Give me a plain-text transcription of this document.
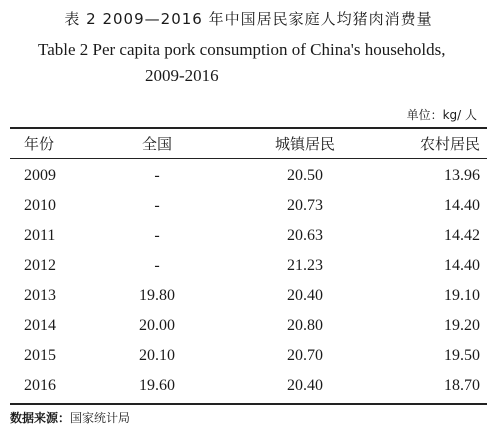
表 2 2009—2016 年中国居民家庭人均猪肉消费量
Table 2 Per capita pork consumption of China's households,
2009-2016
单位：kg/ 人
年份	全国	城镇居民	农村居民
2009	-	20.50	13.96
2010	-	20.73	14.40
2011	-	20.63	14.42
2012	-	21.23	14.40
2013	19.80	20.40	19.10
2014	20.00	20.80	19.20
2015	20.10	20.70	19.50
2016	19.60	20.40	18.70
数据来源：国家统计局
